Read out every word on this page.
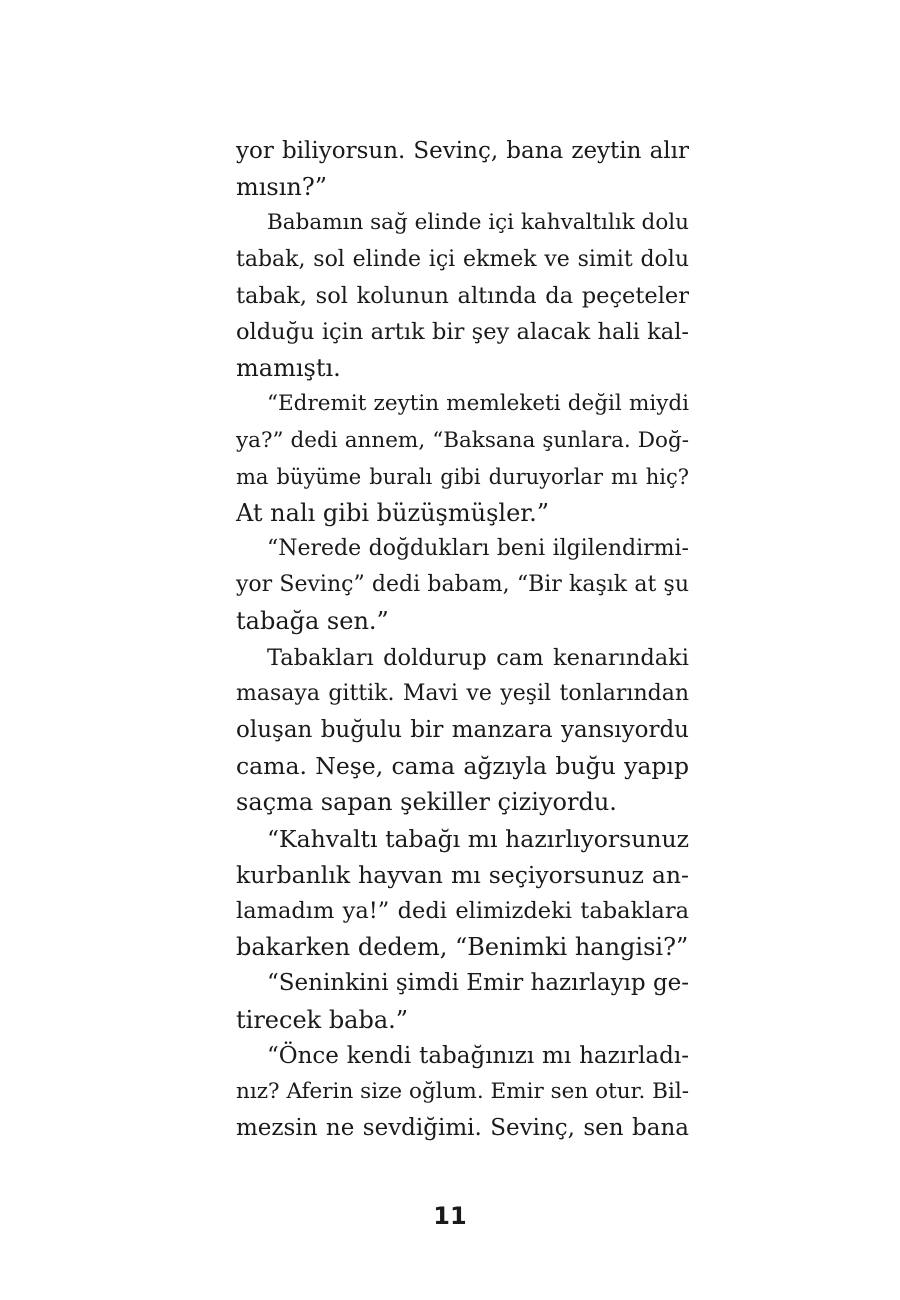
yor biliyorsun. Sevinç, bana zeytin alır
mısın?”
Babamın sağ elinde içi kahvaltılık dolu
tabak, sol elinde içi ekmek ve simit dolu
tabak, sol kolunun altında da peçeteler
olduğu için artık bir şey alacak hali kal-
mamıştı.
“Edremit zeytin memleketi değil miydi
ya?” dedi annem, “Baksana şunlara. Doğ-
ma büyüme buralı gibi duruyorlar mı hiç?
At nalı gibi büzüşmüşler.”
“Nerede doğdukları beni ilgilendirmi-
yor Sevinç” dedi babam, “Bir kaşık at şu
tabağa sen.”
Tabakları doldurup cam kenarındaki
masaya gittik. Mavi ve yeşil tonlarından
oluşan buğulu bir manzara yansıyordu
cama. Neşe, cama ağzıyla buğu yapıp
saçma sapan şekiller çiziyordu.
“Kahvaltı tabağı mı hazırlıyorsunuz
kurbanlık hayvan mı seçiyorsunuz an-
lamadım ya!” dedi elimizdeki tabaklara
bakarken dedem, “Benimki hangisi?”
“Seninkini şimdi Emir hazırlayıp ge-
tirecek baba.”
“Önce kendi tabağınızı mı hazırladı-
nız? Aferin size oğlum. Emir sen otur. Bil-
mezsin ne sevdiğimi. Sevinç, sen bana
11
